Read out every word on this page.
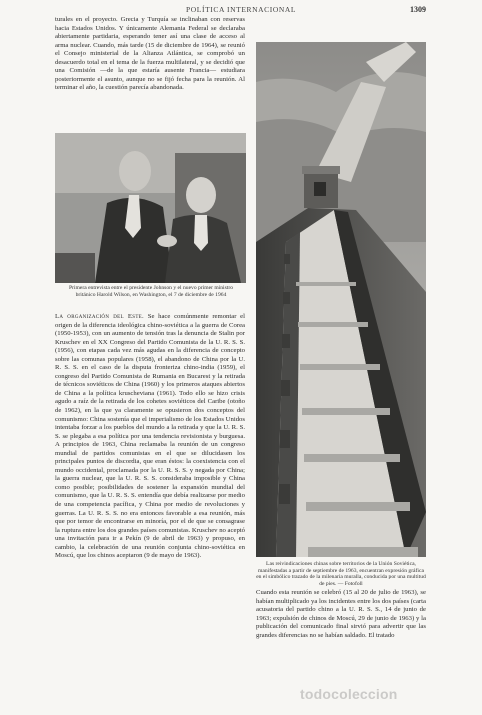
POLÍTICA INTERNACIONAL	1309

turales en el proyecto. Grecia y Turquía se inclinaban con reservas hacia Estados Unidos. Y únicamente Alemania Federal se declaraba abiertamente partidaria, esperando tener así una clase de acceso al arma nuclear. Cuando, más tarde (15 de diciembre de 1964), se reunió el Consejo ministerial de la Alianza Atlántica, se comprobó un desacuerdo total en el tema de la fuerza multilateral, y se decidió que una Comisión —de la que estaría ausente Francia— estudiara posteriormente el asunto, aunque no se fijó fecha para la reunión. Al terminar el año, la cuestión parecía abandonada.

Primera entrevista entre el presidente Johnson y el nuevo primer ministro británico Harold Wilson, en Washington, el 7 de diciembre de 1964

La organización del Este. Se hace comúnmente remontar el origen de la diferencia ideológica chino-soviética a la guerra de Corea (1950-1953), con un aumento de tensión tras la denuncia de Stalin por Kruschev en el XX Congreso del Partido Comunista de la U. R. S. S. (1956), con etapas cada vez más agudas en la diferencia de concepto sobre las comunas populares (1958), el abandono de China por la U. R. S. S. en el caso de la disputa fronteriza chino-india (1959), el congreso del Partido Comunista de Rumania en Bucarest y la retirada de técnicos soviéticos de China (1960) y los primeros ataques abiertos de China a la política kruscheviana (1961). Todo ello se hizo crisis agudo a raíz de la retirada de los cohetes soviéticos del Caribe (otoño de 1962), en la que ya claramente se opusieron dos conceptos del comunismo: China sostenía que el imperialismo de los Estados Unidos intentaba forzar a los pueblos del mundo a la retirada y que la U. R. S. S. se plegaba a esa política por una tendencia revisionista y burguesa. A principios de 1963, China reclamaba la reunión de un congreso mundial de partidos comunistas en el que se dilucidasen los principales puntos de discordia, que eran éstos: la coexistencia con el mundo occidental, proclamada por la U. R. S. S. y negada por China; la guerra nuclear, que la U. R. S. S. consideraba imposible y China como posible; posibilidades de sostener la expansión mundial del comunismo, que la U. R. S. S. entendía que debía realizarse por medio de una competencia pacífica, y China por medio de revoluciones y guerras. La U. R. S. S. no era entonces favorable a esa reunión, más que por temor de encontrarse en minoría, por el de que se consagrase la ruptura entre los dos grandes países comunistas. Kruschev no aceptó una invitación para ir a Pekín (9 de abril de 1963) y propuso, en cambio, la celebración de una reunión conjunta chino-soviética en Moscú, que los chinos aceptaron (9 de mayo de 1963).

Las reivindicaciones chinas sobre territorios de la Unión Soviética, manifestadas a partir de septiembre de 1963, encuentran expresión gráfica en el simbólico trazado de la milenaria muralla, conducida por una multitud de pies. — Fotofoll

Cuando esta reunión se celebró (15 al 20 de julio de 1963), se habían multiplicado ya los incidentes entre los dos países (carta acusatoria del partido chino a la U. R. S. S., 14 de junio de 1963; expulsión de chinos de Moscú, 29 de junio de 1963) y la publicación del comunicado final sirvió para advertir que las grandes diferencias no se habían saldado. El tratado

todocoleccion
